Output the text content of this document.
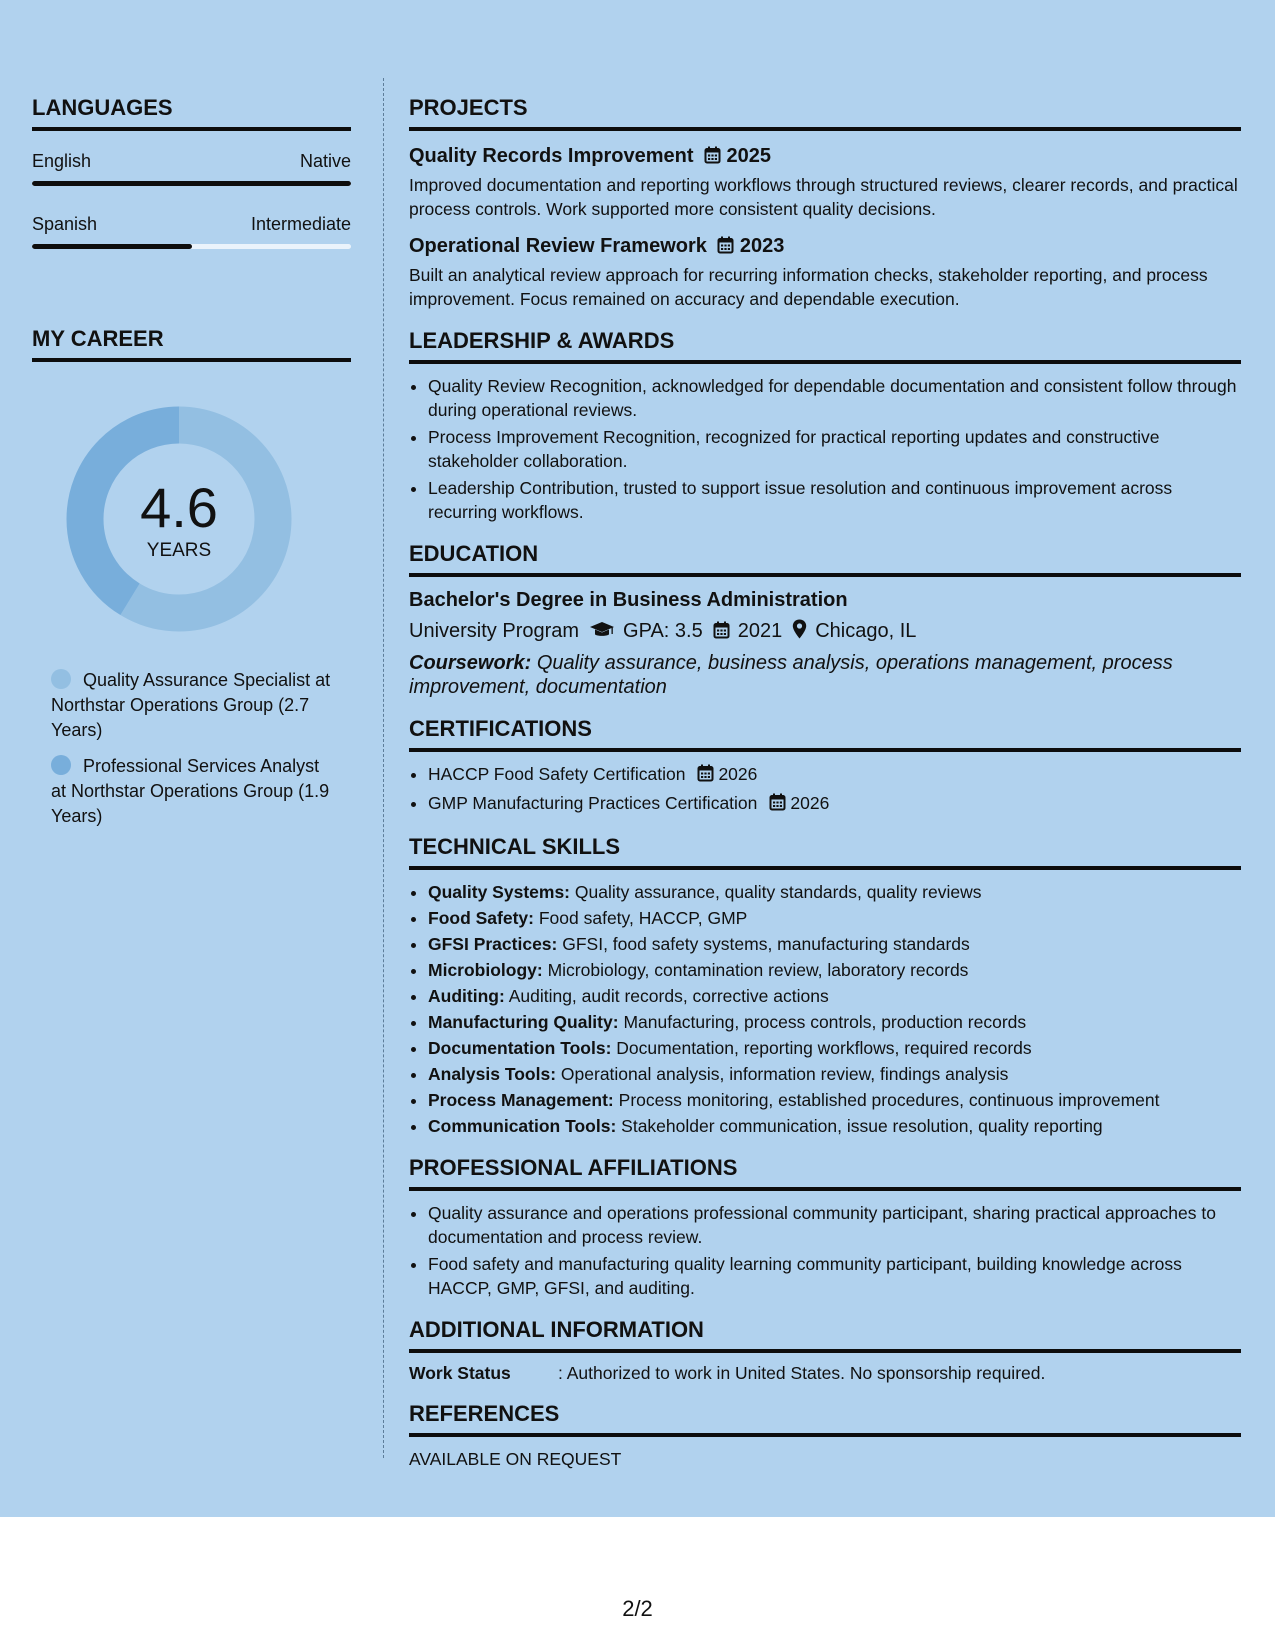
LANGUAGES
English	Native
Spanish	Intermediate
MY CAREER
4.6
YEARS
Quality Assurance Specialist at Northstar Operations Group (2.7 Years)
Professional Services Analyst at Northstar Operations Group (1.9 Years)
PROJECTS
Quality Records Improvement 2025
Improved documentation and reporting workflows through structured reviews, clearer records, and practical process controls. Work supported more consistent quality decisions.
Operational Review Framework 2023
Built an analytical review approach for recurring information checks, stakeholder reporting, and process improvement. Focus remained on accuracy and dependable execution.
LEADERSHIP & AWARDS
• Quality Review Recognition, acknowledged for dependable documentation and consistent follow through during operational reviews.
• Process Improvement Recognition, recognized for practical reporting updates and constructive stakeholder collaboration.
• Leadership Contribution, trusted to support issue resolution and continuous improvement across recurring workflows.
EDUCATION
Bachelor's Degree in Business Administration
University Program GPA: 3.5 2021 Chicago, IL
Coursework: Quality assurance, business analysis, operations management, process improvement, documentation
CERTIFICATIONS
• HACCP Food Safety Certification 2026
• GMP Manufacturing Practices Certification 2026
TECHNICAL SKILLS
• Quality Systems: Quality assurance, quality standards, quality reviews
• Food Safety: Food safety, HACCP, GMP
• GFSI Practices: GFSI, food safety systems, manufacturing standards
• Microbiology: Microbiology, contamination review, laboratory records
• Auditing: Auditing, audit records, corrective actions
• Manufacturing Quality: Manufacturing, process controls, production records
• Documentation Tools: Documentation, reporting workflows, required records
• Analysis Tools: Operational analysis, information review, findings analysis
• Process Management: Process monitoring, established procedures, continuous improvement
• Communication Tools: Stakeholder communication, issue resolution, quality reporting
PROFESSIONAL AFFILIATIONS
• Quality assurance and operations professional community participant, sharing practical approaches to documentation and process review.
• Food safety and manufacturing quality learning community participant, building knowledge across HACCP, GMP, GFSI, and auditing.
ADDITIONAL INFORMATION
Work Status	: Authorized to work in United States. No sponsorship required.
REFERENCES
AVAILABLE ON REQUEST
2/2
